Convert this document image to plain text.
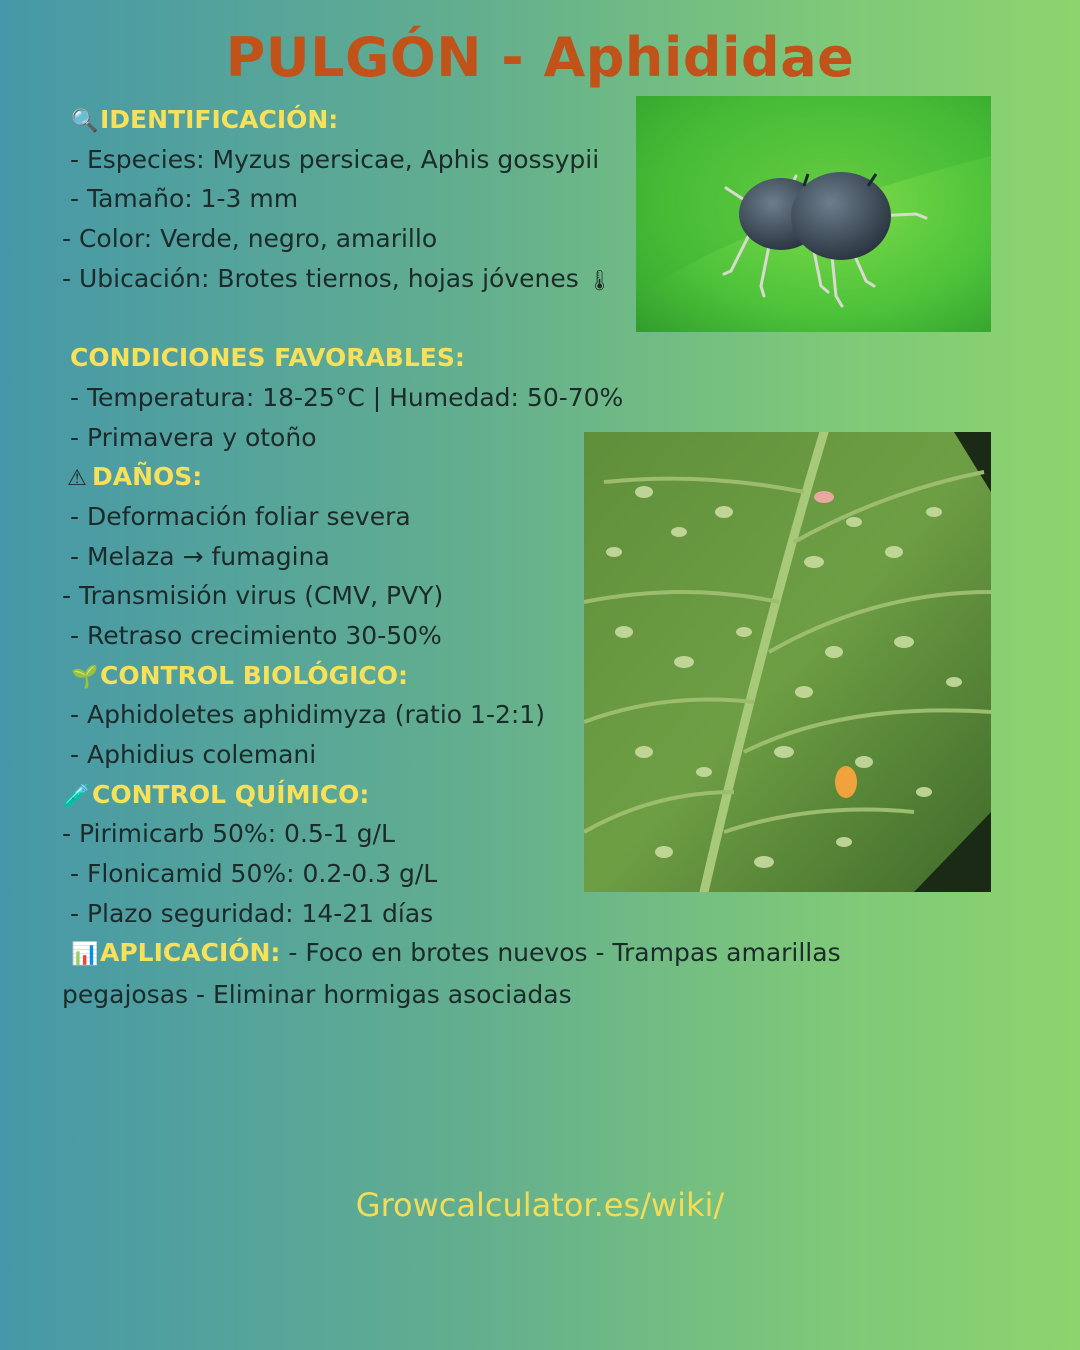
PULGÓN - Aphididae
🔍IDENTIFICACIÓN:
- Especies: Myzus persicae, Aphis gossypii
- Tamaño: 1-3 mm
- Color: Verde, negro, amarillo
- Ubicación: Brotes tiernos, hojas jóvenes 🌡
CONDICIONES FAVORABLES:
- Temperatura: 18-25°C | Humedad: 50-70%
- Primavera y otoño
⚠ DAÑOS:
- Deformación foliar severa
- Melaza → fumagina
- Transmisión virus (CMV, PVY)
- Retraso crecimiento 30-50%
🌱CONTROL BIOLÓGICO:
- Aphidoletes aphidimyza (ratio 1-2:1)
- Aphidius colemani
🧪CONTROL QUÍMICO:
- Pirimicarb 50%: 0.5-1 g/L
- Flonicamid 50%: 0.2-0.3 g/L
- Plazo seguridad: 14-21 días
📊APLICACIÓN: - Foco en brotes nuevos - Trampas amarillas pegajosas - Eliminar hormigas asociadas
Growcalculator.es/wiki/
